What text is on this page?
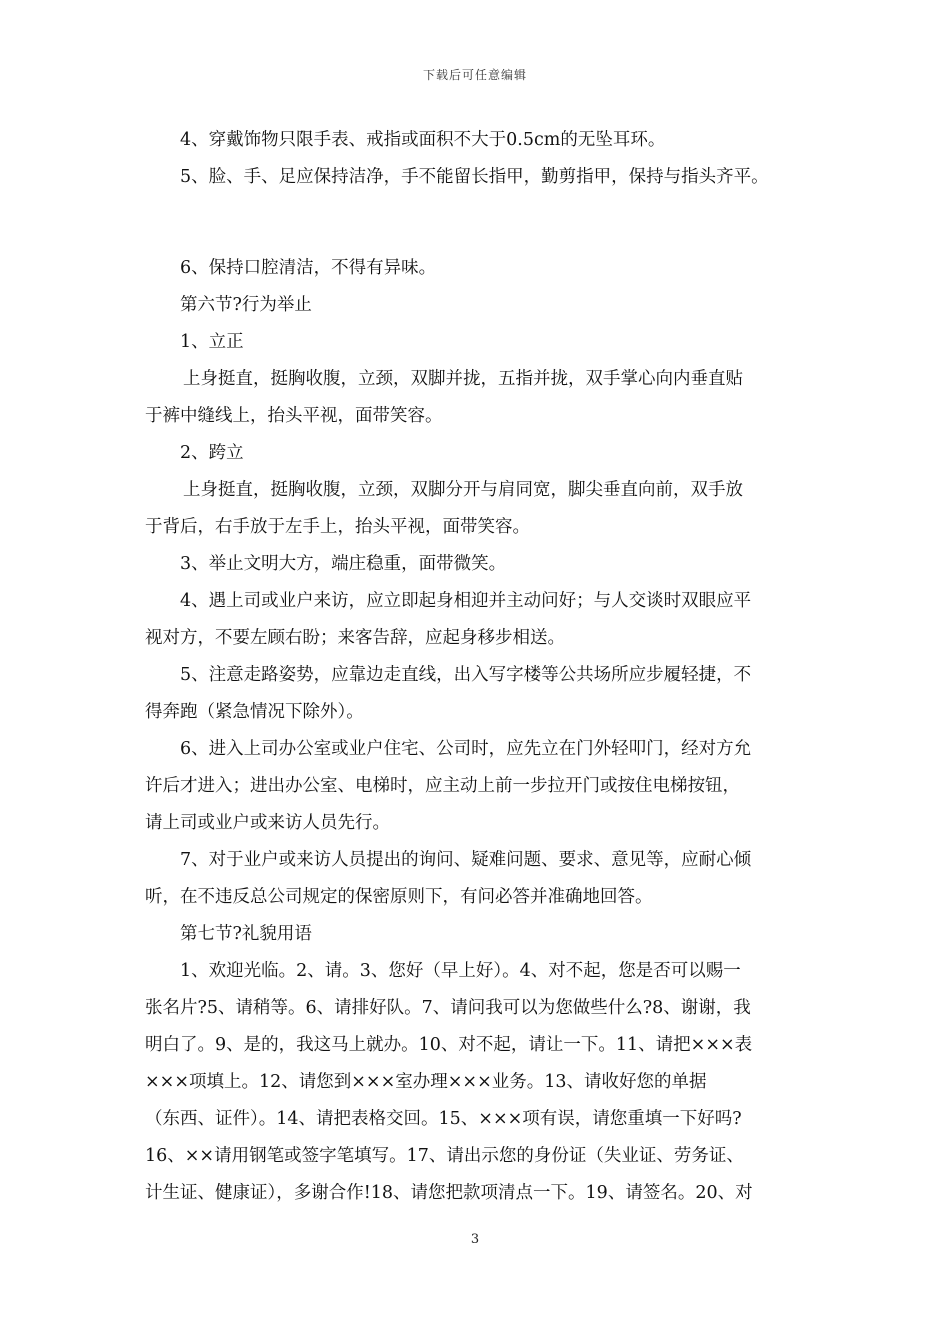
下载后可任意编辑
4、穿戴饰物只限手表、戒指或面积不大于0.5cm的无坠耳环。
5、脸、手、足应保持洁净，手不能留长指甲，勤剪指甲，保持与指头齐平。
6、保持口腔清洁，不得有异味。
第六节?行为举止
1、立正
上身挺直，挺胸收腹，立颈，双脚并拢，五指并拢，双手掌心向内垂直贴
于裤中缝线上，抬头平视，面带笑容。
2、跨立
上身挺直，挺胸收腹，立颈，双脚分开与肩同宽，脚尖垂直向前，双手放
于背后，右手放于左手上，抬头平视，面带笑容。
3、举止文明大方，端庄稳重，面带微笑。
4、遇上司或业户来访，应立即起身相迎并主动问好；与人交谈时双眼应平
视对方，不要左顾右盼；来客告辞，应起身移步相送。
5、注意走路姿势，应靠边走直线，出入写字楼等公共场所应步履轻捷，不
得奔跑（紧急情况下除外）。
6、进入上司办公室或业户住宅、公司时，应先立在门外轻叩门，经对方允
许后才进入；进出办公室、电梯时，应主动上前一步拉开门或按住电梯按钮，
请上司或业户或来访人员先行。
7、对于业户或来访人员提出的询问、疑难问题、要求、意见等，应耐心倾
听，在不违反总公司规定的保密原则下，有问必答并准确地回答。
第七节?礼貌用语
1、欢迎光临。2、请。3、您好（早上好）。4、对不起，您是否可以赐一
张名片?5、请稍等。6、请排好队。7、请问我可以为您做些什么?8、谢谢，我
明白了。9、是的，我这马上就办。10、对不起，请让一下。11、请把×××表
×××项填上。12、请您到×××室办理×××业务。13、请收好您的单据
（东西、证件）。14、请把表格交回。15、×××项有误，请您重填一下好吗?
16、××请用钢笔或签字笔填写。17、请出示您的身份证（失业证、劳务证、
计生证、健康证），多谢合作!18、请您把款项清点一下。19、请签名。20、对
3
